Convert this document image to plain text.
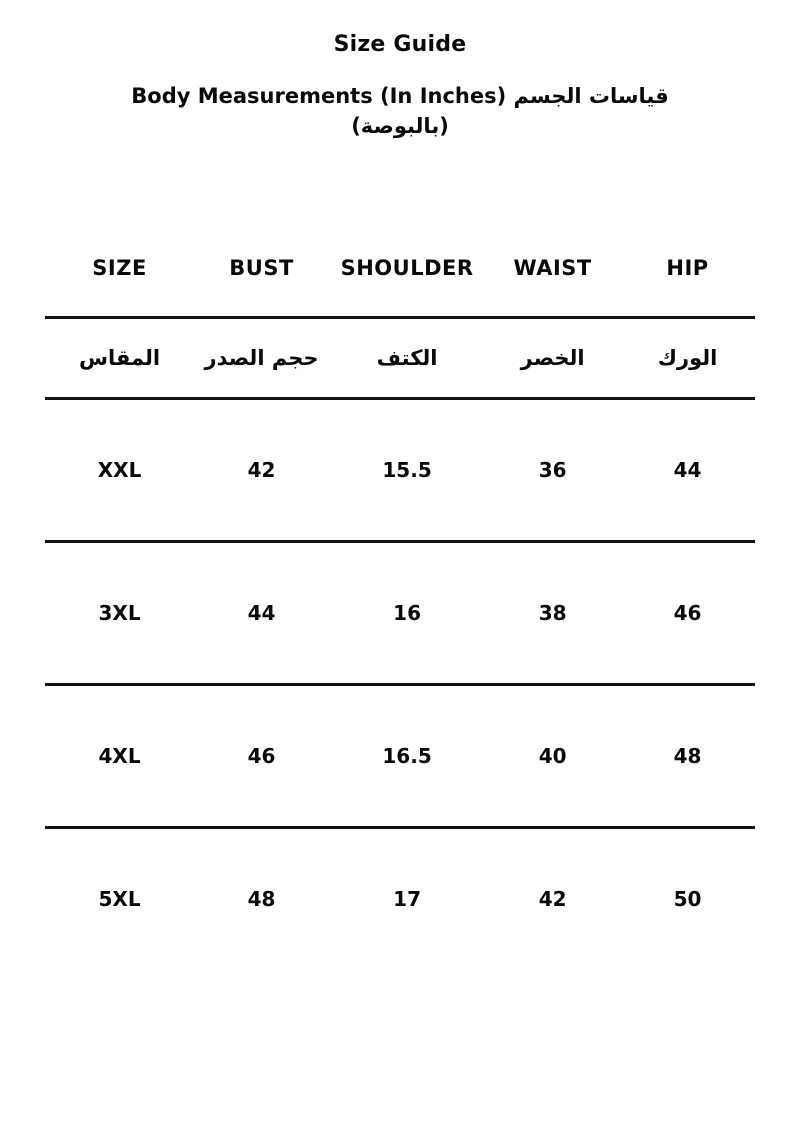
Size Guide
Body Measurements (In Inches) قياسات الجسم (بالبوصة)
SIZE	BUST	SHOULDER	WAIST	HIP
المقاس	حجم الصدر	الكتف	الخصر	الورك
XXL	42	15.5	36	44
3XL	44	16	38	46
4XL	46	16.5	40	48
5XL	48	17	42	50
